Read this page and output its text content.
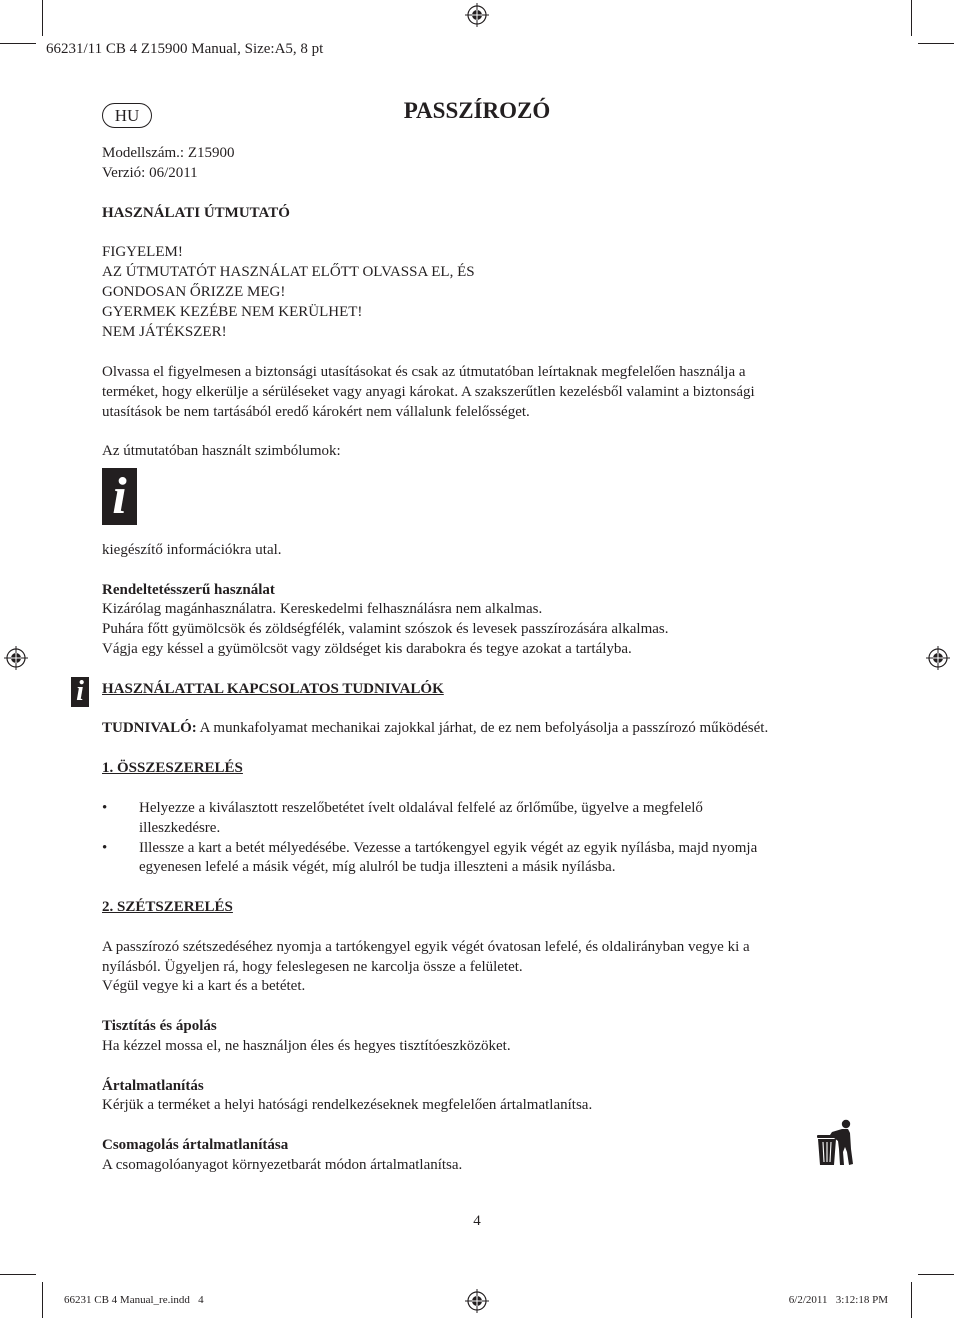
66231/11 CB 4 Z15900 Manual, Size:A5, 8 pt
HU	PASSZÍROZÓ
Modellszám.: Z15900
Verzió: 06/2011
HASZNÁLATI ÚTMUTATÓ
FIGYELEM!
AZ ÚTMUTATÓT HASZNÁLAT ELŐTT OLVASSA EL, ÉS
GONDOSAN ŐRIZZE MEG!
GYERMEK KEZÉBE NEM KERÜLHET!
NEM JÁTÉKSZER!
Olvassa el figyelmesen a biztonsági utasításokat és csak az útmutatóban leírtaknak megfelelően használja a
terméket, hogy elkerülje a sérüléseket vagy anyagi károkat. A szakszerűtlen kezelésből valamint a biztonsági
utasítások be nem tartásából eredő károkért nem vállalunk felelősséget.
Az útmutatóban használt szimbólumok:
i
kiegészítő információkra utal.
Rendeltetésszerű használat
Kizárólag magánhasználatra. Kereskedelmi felhasználásra nem alkalmas.
Puhára főtt gyümölcsök és zöldségfélék, valamint szószok és levesek passzírozására alkalmas.
Vágja egy késsel a gyümölcsöt vagy zöldséget kis darabokra és tegye azokat a tartályba.
i	HASZNÁLATTAL KAPCSOLATOS TUDNIVALÓK
TUDNIVALÓ: A munkafolyamat mechanikai zajokkal járhat, de ez nem befolyásolja a passzírozó működését.
1. ÖSSZESZERELÉS
• Helyezze a kiválasztott reszelőbetétet ívelt oldalával felfelé az őrlőműbe, ügyelve a megfelelő
illeszkedésre.
• Illessze a kart a betét mélyedésébe. Vezesse a tartókengyel egyik végét az egyik nyílásba, majd nyomja
egyenesen lefelé a másik végét, míg alulról be tudja illeszteni a másik nyílásba.
2. SZÉTSZERELÉS
A passzírozó szétszedéséhez nyomja a tartókengyel egyik végét óvatosan lefelé, és oldalirányban vegye ki a
nyílásból. Ügyeljen rá, hogy feleslegesen ne karcolja össze a felületet.
Végül vegye ki a kart és a betétet.
Tisztítás és ápolás
Ha kézzel mossa el, ne használjon éles és hegyes tisztítóeszközöket.
Ártalmatlanítás
Kérjük a terméket a helyi hatósági rendelkezéseknek megfelelően ártalmatlanítsa.
Csomagolás ártalmatlanítása
A csomagolóanyagot környezetbarát módon ártalmatlanítsa.
4
66231 CB 4 Manual_re.indd   4	6/2/2011   3:12:18 PM
